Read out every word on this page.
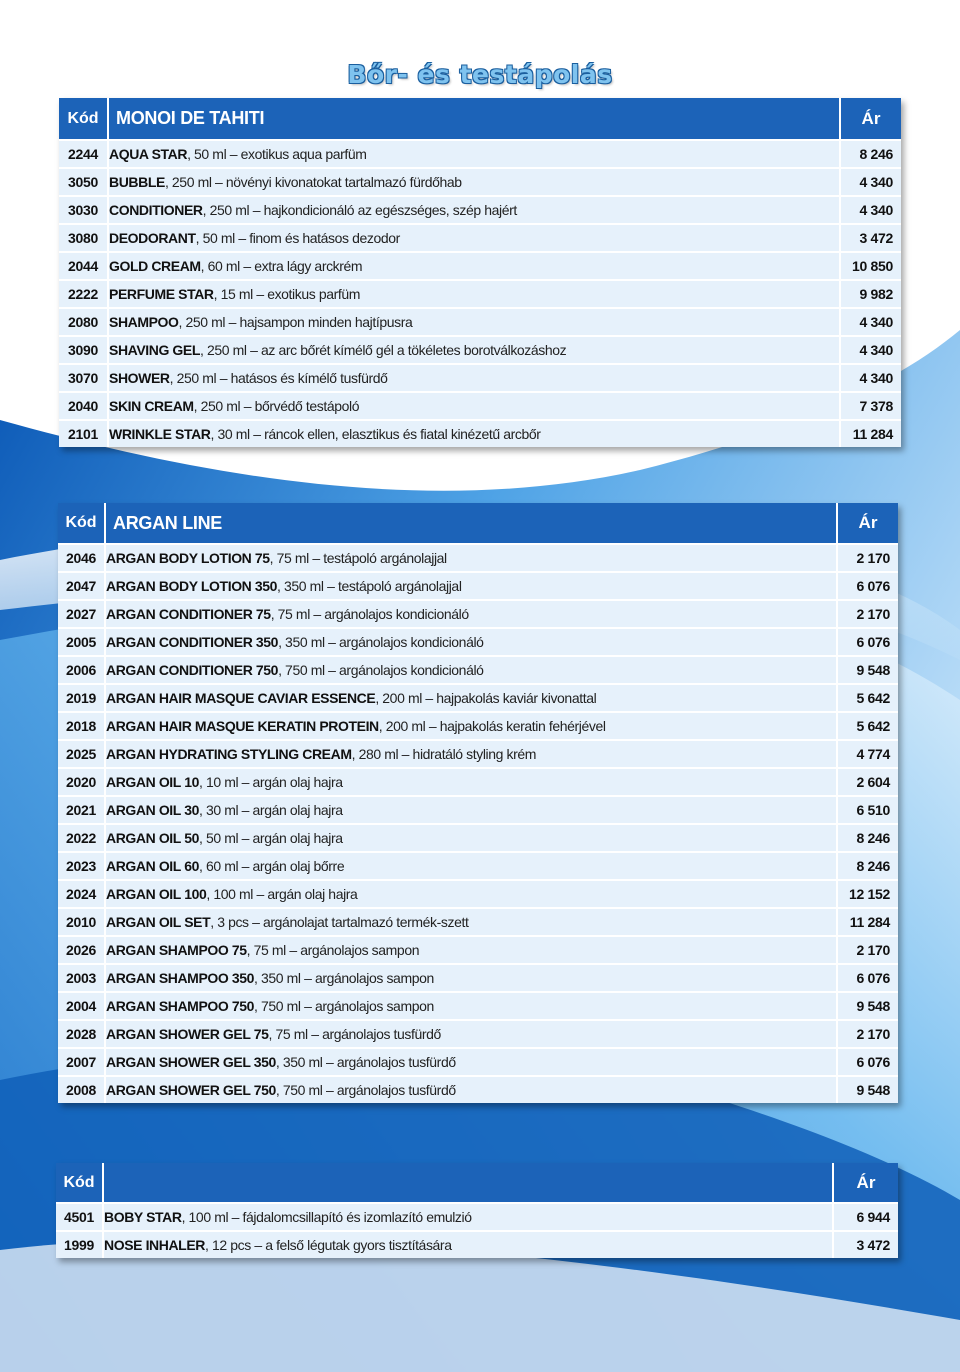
Bőr- és testápolás
Kód	MONOI DE TAHITI	Ár
2244	AQUA STAR, 50 ml – exotikus aqua parfüm	8 246
3050	BUBBLE, 250 ml – növényi kivonatokat tartalmazó fürdőhab	4 340
3030	CONDITIONER, 250 ml – hajkondicionáló az egészséges, szép hajért	4 340
3080	DEODORANT, 50 ml – finom és hatásos dezodor	3 472
2044	GOLD CREAM, 60 ml – extra lágy arckrém	10 850
2222	PERFUME STAR, 15 ml – exotikus parfüm	9 982
2080	SHAMPOO, 250 ml – hajsampon minden hajtípusra	4 340
3090	SHAVING GEL, 250 ml – az arc bőrét kímélő gél a tökéletes borotválkozáshoz	4 340
3070	SHOWER, 250 ml – hatásos és kímélő tusfürdő	4 340
2040	SKIN CREAM, 250 ml – bőrvédő testápoló	7 378
2101	WRINKLE STAR, 30 ml – ráncok ellen, elasztikus és fiatal kinézetű arcbőr	11 284
Kód	ARGAN LINE	Ár
2046	ARGAN BODY LOTION 75, 75 ml – testápoló argánolajjal	2 170
2047	ARGAN BODY LOTION 350, 350 ml – testápoló argánolajjal	6 076
2027	ARGAN CONDITIONER 75, 75 ml – argánolajos kondicionáló	2 170
2005	ARGAN CONDITIONER 350, 350 ml – argánolajos kondicionáló	6 076
2006	ARGAN CONDITIONER 750, 750 ml – argánolajos kondicionáló	9 548
2019	ARGAN HAIR MASQUE CAVIAR ESSENCE, 200 ml – hajpakolás kaviár kivonattal	5 642
2018	ARGAN HAIR MASQUE KERATIN PROTEIN, 200 ml – hajpakolás keratin fehérjével	5 642
2025	ARGAN HYDRATING STYLING CREAM, 280 ml – hidratáló styling krém	4 774
2020	ARGAN OIL 10, 10 ml – argán olaj hajra	2 604
2021	ARGAN OIL 30, 30 ml – argán olaj hajra	6 510
2022	ARGAN OIL 50, 50 ml – argán olaj hajra	8 246
2023	ARGAN OIL 60, 60 ml – argán olaj bőrre	8 246
2024	ARGAN OIL 100, 100 ml – argán olaj hajra	12 152
2010	ARGAN OIL SET, 3 pcs – argánolajat tartalmazó termék-szett	11 284
2026	ARGAN SHAMPOO 75, 75 ml – argánolajos sampon	2 170
2003	ARGAN SHAMPOO 350, 350 ml – argánolajos sampon	6 076
2004	ARGAN SHAMPOO 750, 750 ml – argánolajos sampon	9 548
2028	ARGAN SHOWER GEL 75, 75 ml – argánolajos tusfürdő	2 170
2007	ARGAN SHOWER GEL 350, 350 ml – argánolajos tusfürdő	6 076
2008	ARGAN SHOWER GEL 750, 750 ml – argánolajos tusfürdő	9 548
Kód		Ár
4501	BOBY STAR, 100 ml – fájdalomcsillapító és izomlazító emulzió	6 944
1999	NOSE INHALER, 12 pcs – a felső légutak gyors tisztítására	3 472
